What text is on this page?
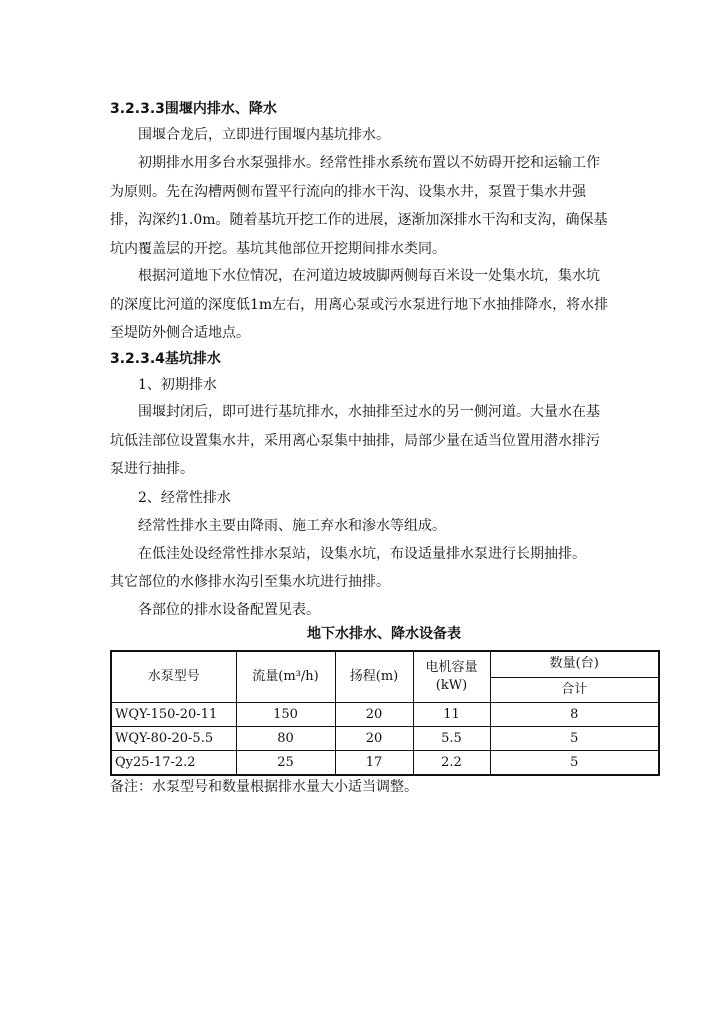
3.2.3.3围堰内排水、降水

围堰合龙后，立即进行围堰内基坑排水。

初期排水用多台水泵强排水。经常性排水系统布置以不妨碍开挖和运输工作为原则。先在沟槽两侧布置平行流向的排水干沟、设集水井，泵置于集水井强排，沟深约1.0m。随着基坑开挖工作的进展，逐渐加深排水干沟和支沟，确保基坑内覆盖层的开挖。基坑其他部位开挖期间排水类同。

根据河道地下水位情况，在河道边坡坡脚两侧每百米设一处集水坑，集水坑的深度比河道的深度低1m左右，用离心泵或污水泵进行地下水抽排降水，将水排至堤防外侧合适地点。

3.2.3.4基坑排水
1、初期排水

围堰封闭后，即可进行基坑排水，水抽排至过水的另一侧河道。大量水在基坑低洼部位设置集水井，采用离心泵集中抽排，局部少量在适当位置用潜水排污泵进行抽排。

2、经常性排水
经常性排水主要由降雨、施工弃水和渗水等组成。
在低洼处设经常性排水泵站，设集水坑，布设适量排水泵进行长期抽排。
其它部位的水修排水沟引至集水坑进行抽排。
各部位的排水设备配置见表。
地下水排水、降水设备表
水泵型号	流量(m³/h)	扬程(m)	电机容量(kW)	数量(台)
				合计
WQY-150-20-11	150	20	11	8
WQY-80-20-5.5	80	20	5.5	5
Qy25-17-2.2	25	17	2.2	5
备注：水泵型号和数量根据排水量大小适当调整。
